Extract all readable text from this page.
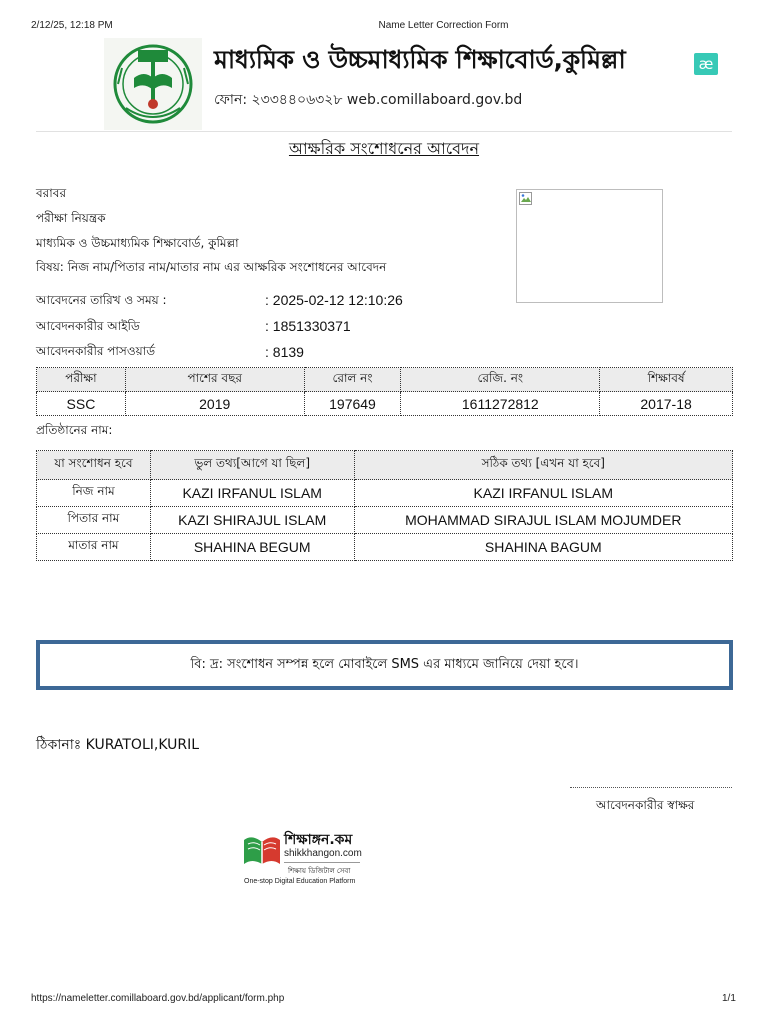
2/12/25, 12:18 PM	Name Letter Correction Form
মাধ্যমিক ও উচ্চমাধ্যমিক শিক্ষাবোর্ড,কুমিল্লা
ফোন: ২৩৩৪৪০৬৩২৮ web.comillaboard.gov.bd
æ
আক্ষরিক সংশোধনের আবেদন
বরাবর
পরীক্ষা নিয়ন্ত্রক
মাধ্যমিক ও উচ্চমাধ্যমিক শিক্ষাবোর্ড, কুমিল্লা
বিষয়: নিজ নাম/পিতার নাম/মাতার নাম এর আক্ষরিক সংশোধনের আবেদন
আবেদনের তারিখ ও সময় :	: 2025-02-12 12:10:26
আবেদনকারীর আইডি	: 1851330371
আবেদনকারীর পাসওয়ার্ড	: 8139
পরীক্ষা	পাশের বছর	রোল নং	রেজি. নং	শিক্ষাবর্ষ
SSC	2019	197649	1611272812	2017-18
প্রতিষ্ঠানের নাম:
যা সংশোধন হবে	ভুল তথ্য[আগে যা ছিল]	সঠিক তথ্য [এখন যা হবে]
নিজ নাম	KAZI IRFANUL ISLAM	KAZI IRFANUL ISLAM
পিতার নাম	KAZI SHIRAJUL ISLAM	MOHAMMAD SIRAJUL ISLAM MOJUMDER
মাতার নাম	SHAHINA BEGUM	SHAHINA BAGUM
বি: দ্র: সংশোধন সম্পন্ন হলে মোবাইলে SMS এর মাধ্যমে জানিয়ে দেয়া হবে।
ঠিকানাঃ KURATOLI,KURIL
আবেদনকারীর স্বাক্ষর
শিক্ষাঙ্গন.কম
shikkhangon.com
শিক্ষায় ডিজিটাল সেবা
One-stop Digital Education Platform
https://nameletter.comillaboard.gov.bd/applicant/form.php	1/1
